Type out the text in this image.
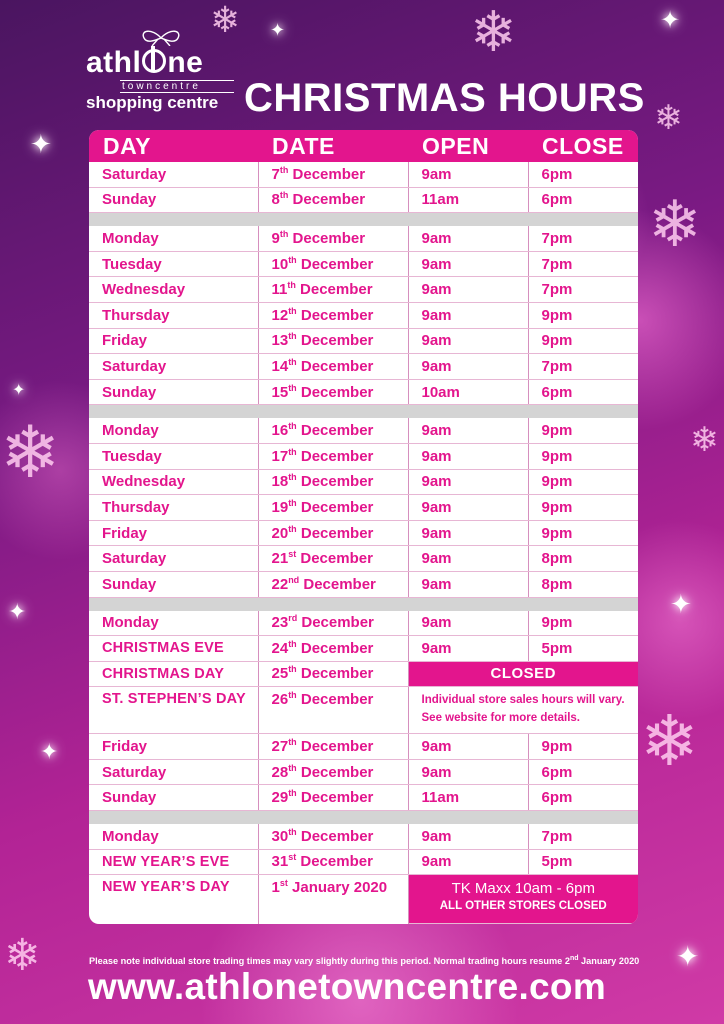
✦
✦	✦
✦
✦
✦
✦
✦
❄
❄
❄
❄
❄
❄
❄
❄
athl ne
towncentre
shopping centre CHRISTMAS HOURS
DAY	DATE	OPEN	CLOSE
Saturday	7th December	9am	6pm
Sunday	8th December	11am	6pm

Monday	9th December	9am	7pm
Tuesday	10th December	9am	7pm
Wednesday	11th December	9am	7pm
Thursday	12th December	9am	9pm
Friday	13th December	9am	9pm
Saturday	14th December	9am	7pm
Sunday	15th December	10am	6pm

Monday	16th December	9am	9pm
Tuesday	17th December	9am	9pm
Wednesday	18th December	9am	9pm
Thursday	19th December	9am	9pm
Friday	20th December	9am	9pm
Saturday	21st December	9am	8pm
Sunday	22nd December	9am	8pm

Monday	23rd December	9am	9pm
CHRISTMAS EVE	24th December	9am	5pm
CHRISTMAS DAY	25th December	CLOSED	
ST. STEPHEN’S DAY	26th December	Individual store sales hours will vary.
See website for more details.	
Friday	27th December	9am	9pm
Saturday	28th December	9am	6pm
Sunday	29th December	11am	6pm

Monday	30th December	9am	7pm
NEW YEAR’S EVE	31st December	9am	5pm
NEW YEAR’S DAY	1st January 2020	TK Maxx 10am - 6pm
ALL OTHER STORES CLOSED	
Please note individual store trading times may vary slightly during this period. Normal trading hours resume 2nd January 2020
www.athlonetowncentre.com
